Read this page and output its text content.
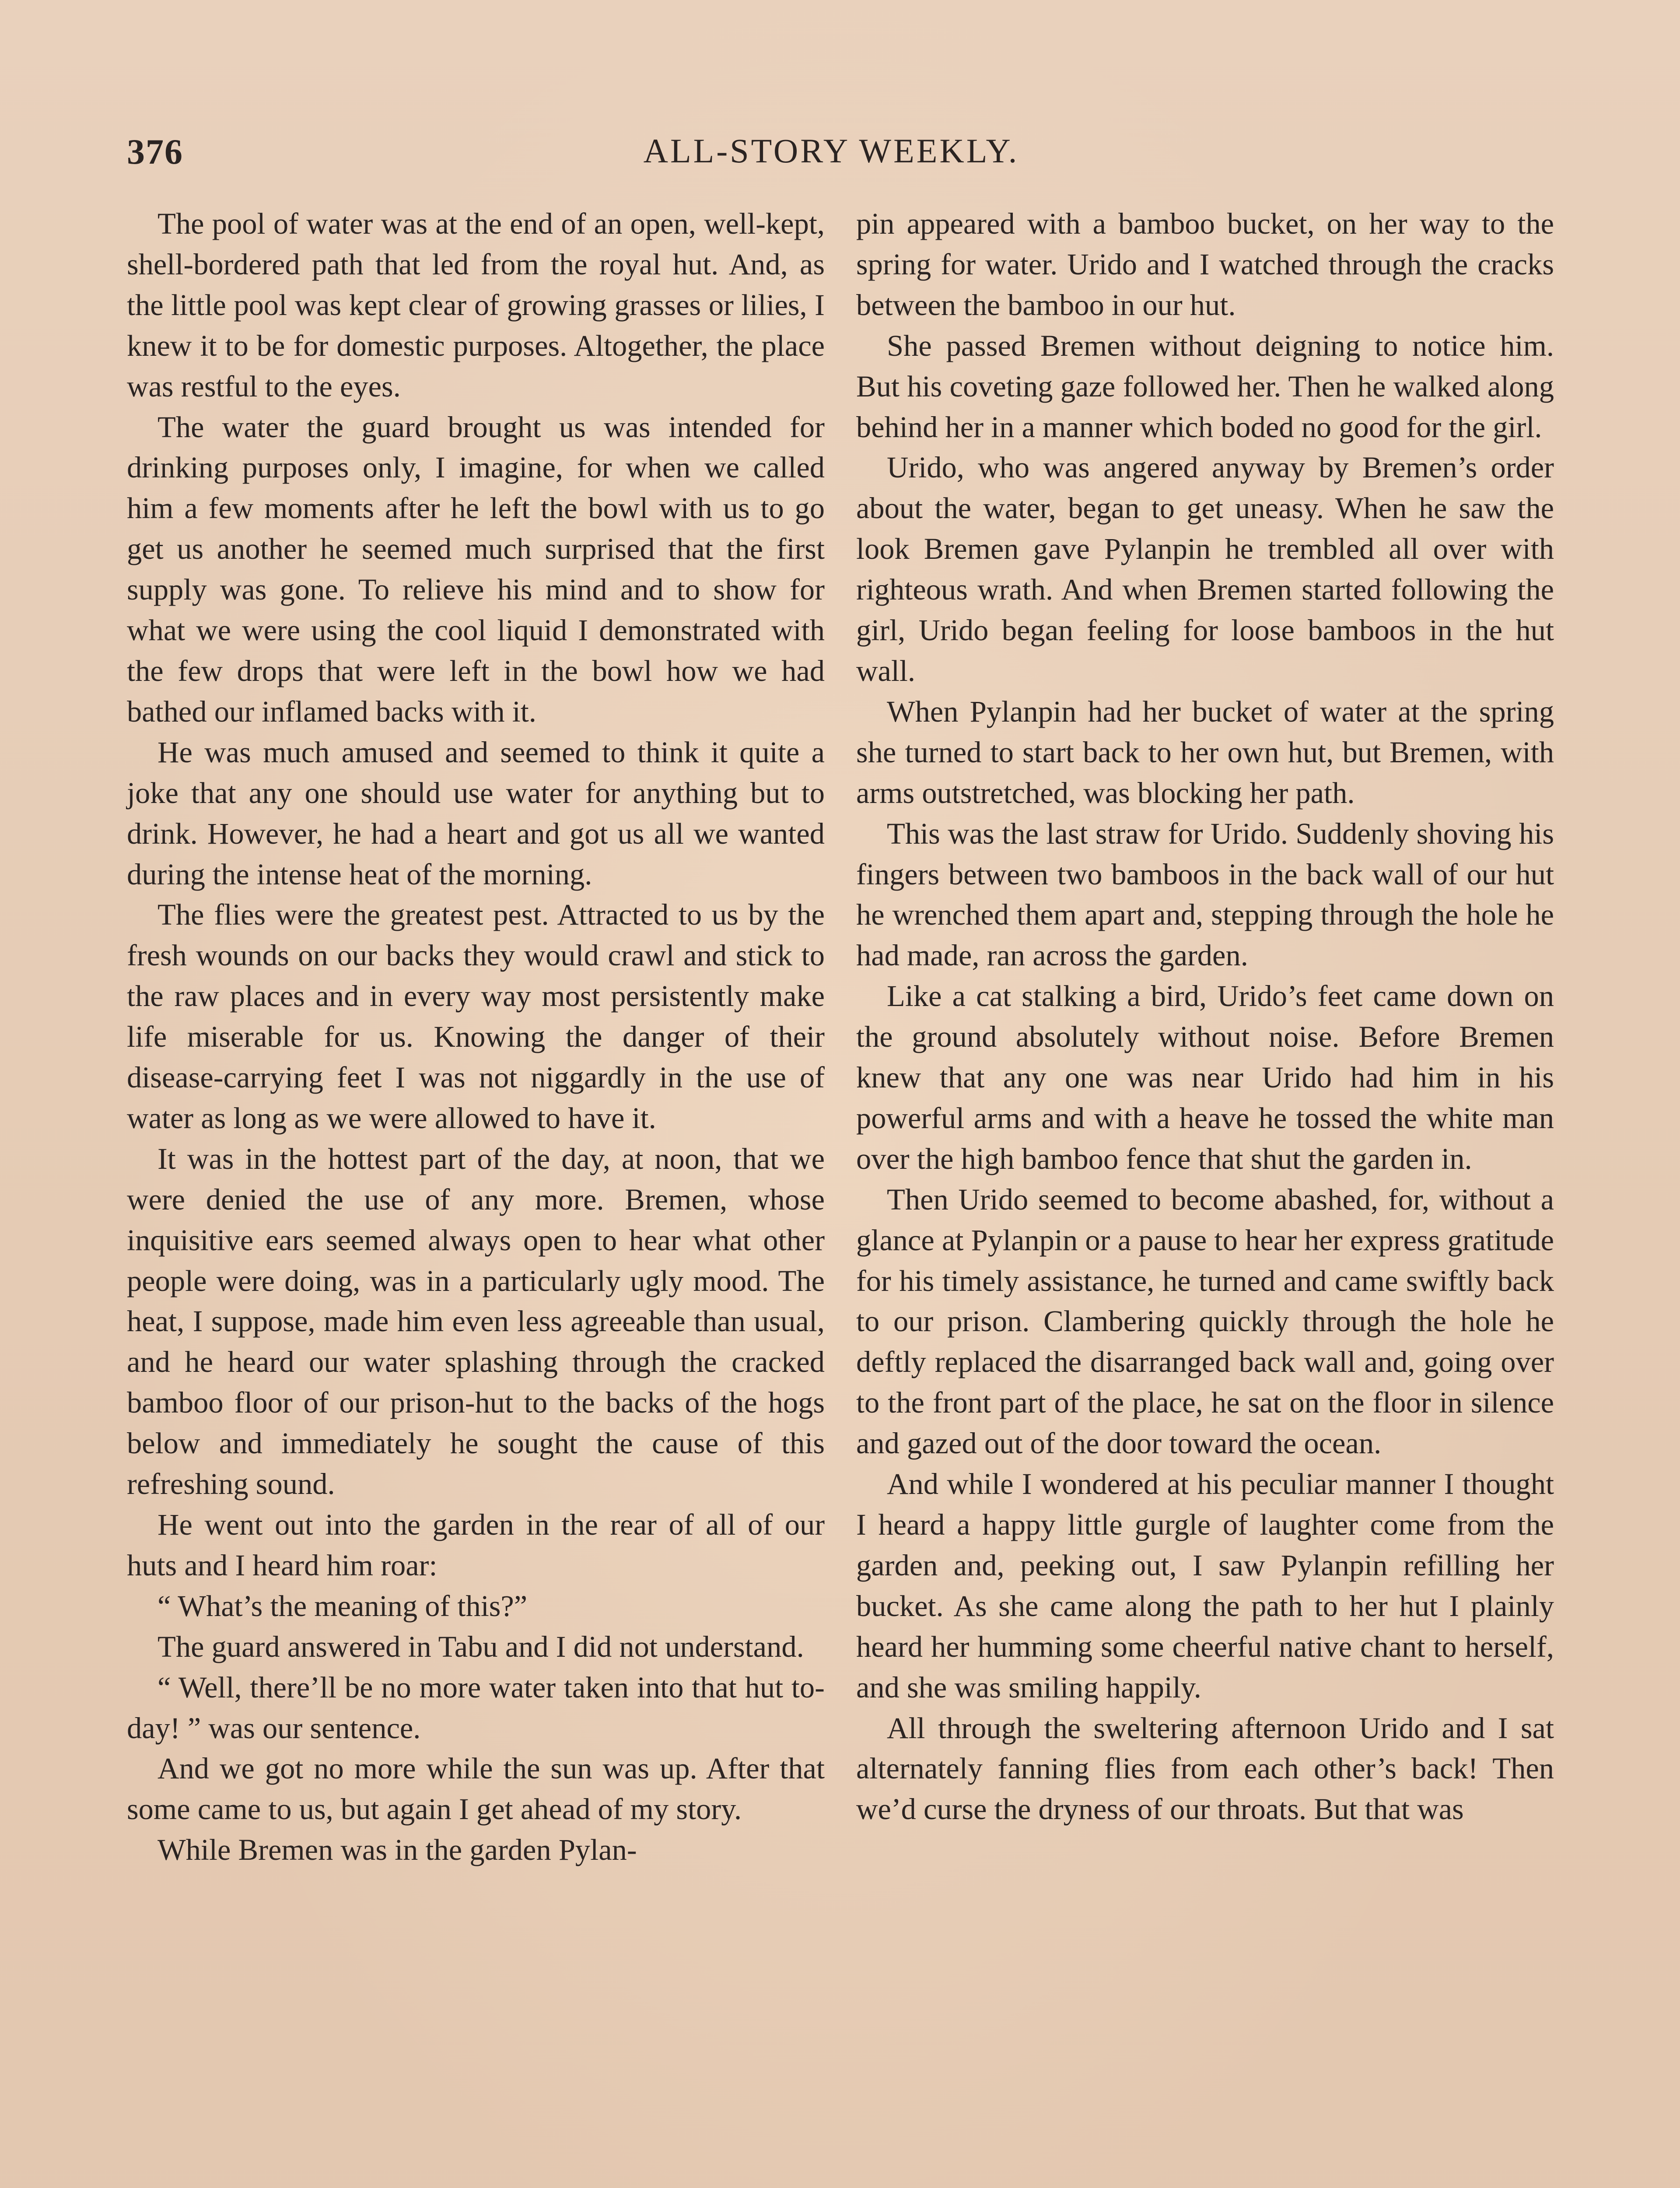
376	ALL-STORY WEEKLY.

The pool of water was at the end of an open, well-kept, shell-bordered path that led from the royal hut. And, as the little pool was kept clear of growing grasses or lilies, I knew it to be for domestic purposes. Altogether, the place was restful to the eyes.

The water the guard brought us was intended for drinking purposes only, I imagine, for when we called him a few moments after he left the bowl with us to go get us another he seemed much surprised that the first supply was gone. To relieve his mind and to show for what we were using the cool liquid I demonstrated with the few drops that were left in the bowl how we had bathed our inflamed backs with it.

He was much amused and seemed to think it quite a joke that any one should use water for anything but to drink. However, he had a heart and got us all we wanted during the intense heat of the morning.

The flies were the greatest pest. Attracted to us by the fresh wounds on our backs they would crawl and stick to the raw places and in every way most persistently make life miserable for us. Knowing the danger of their disease-carrying feet I was not niggardly in the use of water as long as we were allowed to have it.

It was in the hottest part of the day, at noon, that we were denied the use of any more. Bremen, whose inquisitive ears seemed always open to hear what other people were doing, was in a particularly ugly mood. The heat, I suppose, made him even less agreeable than usual, and he heard our water splashing through the cracked bamboo floor of our prison-hut to the backs of the hogs below and immediately he sought the cause of this refreshing sound.

He went out into the garden in the rear of all of our huts and I heard him roar:

“ What’s the meaning of this?”

The guard answered in Tabu and I did not understand.

“ Well, there’ll be no more water taken into that hut to-day! ” was our sentence.

And we got no more while the sun was up. After that some came to us, but again I get ahead of my story.

While Bremen was in the garden Pylan-

pin appeared with a bamboo bucket, on her way to the spring for water. Urido and I watched through the cracks between the bamboo in our hut.

She passed Bremen without deigning to notice him. But his coveting gaze followed her. Then he walked along behind her in a manner which boded no good for the girl.

Urido, who was angered anyway by Bremen’s order about the water, began to get uneasy. When he saw the look Bremen gave Pylanpin he trembled all over with righteous wrath. And when Bremen started following the girl, Urido began feeling for loose bamboos in the hut wall.

When Pylanpin had her bucket of water at the spring she turned to start back to her own hut, but Bremen, with arms outstretched, was blocking her path.

This was the last straw for Urido. Suddenly shoving his fingers between two bamboos in the back wall of our hut he wrenched them apart and, stepping through the hole he had made, ran across the garden.

Like a cat stalking a bird, Urido’s feet came down on the ground absolutely without noise. Before Bremen knew that any one was near Urido had him in his powerful arms and with a heave he tossed the white man over the high bamboo fence that shut the garden in.

Then Urido seemed to become abashed, for, without a glance at Pylanpin or a pause to hear her express gratitude for his timely assistance, he turned and came swiftly back to our prison. Clambering quickly through the hole he deftly replaced the disarranged back wall and, going over to the front part of the place, he sat on the floor in silence and gazed out of the door toward the ocean.

And while I wondered at his peculiar manner I thought I heard a happy little gurgle of laughter come from the garden and, peeking out, I saw Pylanpin refilling her bucket. As she came along the path to her hut I plainly heard her humming some cheerful native chant to herself, and she was smiling happily.

All through the sweltering afternoon Urido and I sat alternately fanning flies from each other’s back! Then we’d curse the dryness of our throats. But that was
